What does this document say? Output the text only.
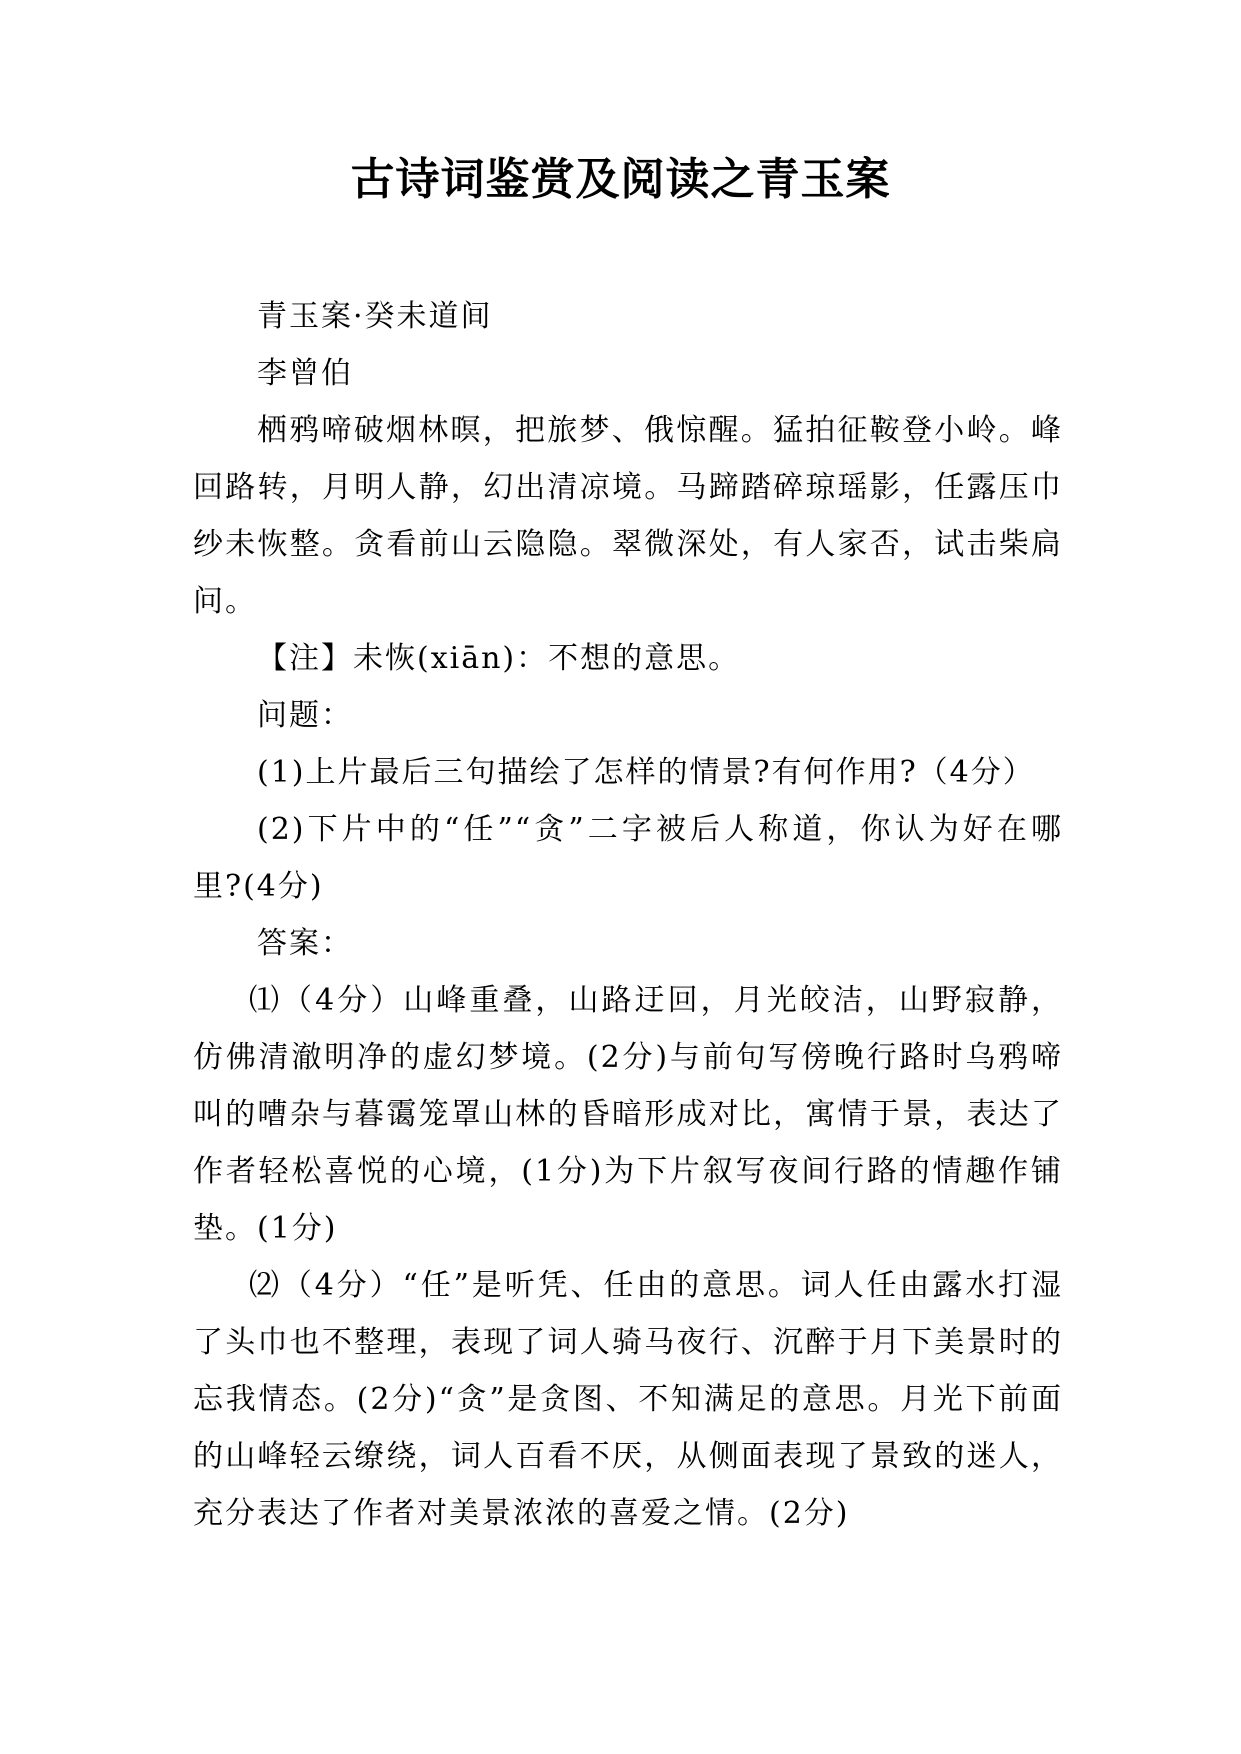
古诗词鉴赏及阅读之青玉案

青玉案·癸未道间

李曾伯

栖鸦啼破烟林暝，把旅梦、俄惊醒。猛拍征鞍登小岭。峰回路转，月明人静，幻出清凉境。马蹄踏碎琼瑶影，任露压巾纱未恢整。贪看前山云隐隐。翠微深处，有人家否，试击柴扃问。

【注】未恢(xiān)：不想的意思。

问题：

(1)上片最后三句描绘了怎样的情景?有何作用?（4分）

(2)下片中的“任”“贪”二字被后人称道，你认为好在哪里?(4分)

答案：

⑴（4分）山峰重叠，山路迂回，月光皎洁，山野寂静，仿佛清澈明净的虚幻梦境。(2分)与前句写傍晚行路时乌鸦啼叫的嘈杂与暮霭笼罩山林的昏暗形成对比，寓情于景，表达了作者轻松喜悦的心境，(1分)为下片叙写夜间行路的情趣作铺垫。(1分)

⑵（4分）“任”是听凭、任由的意思。词人任由露水打湿了头巾也不整理，表现了词人骑马夜行、沉醉于月下美景时的忘我情态。(2分)“贪”是贪图、不知满足的意思。月光下前面的山峰轻云缭绕，词人百看不厌，从侧面表现了景致的迷人，充分表达了作者对美景浓浓的喜爱之情。(2分)
